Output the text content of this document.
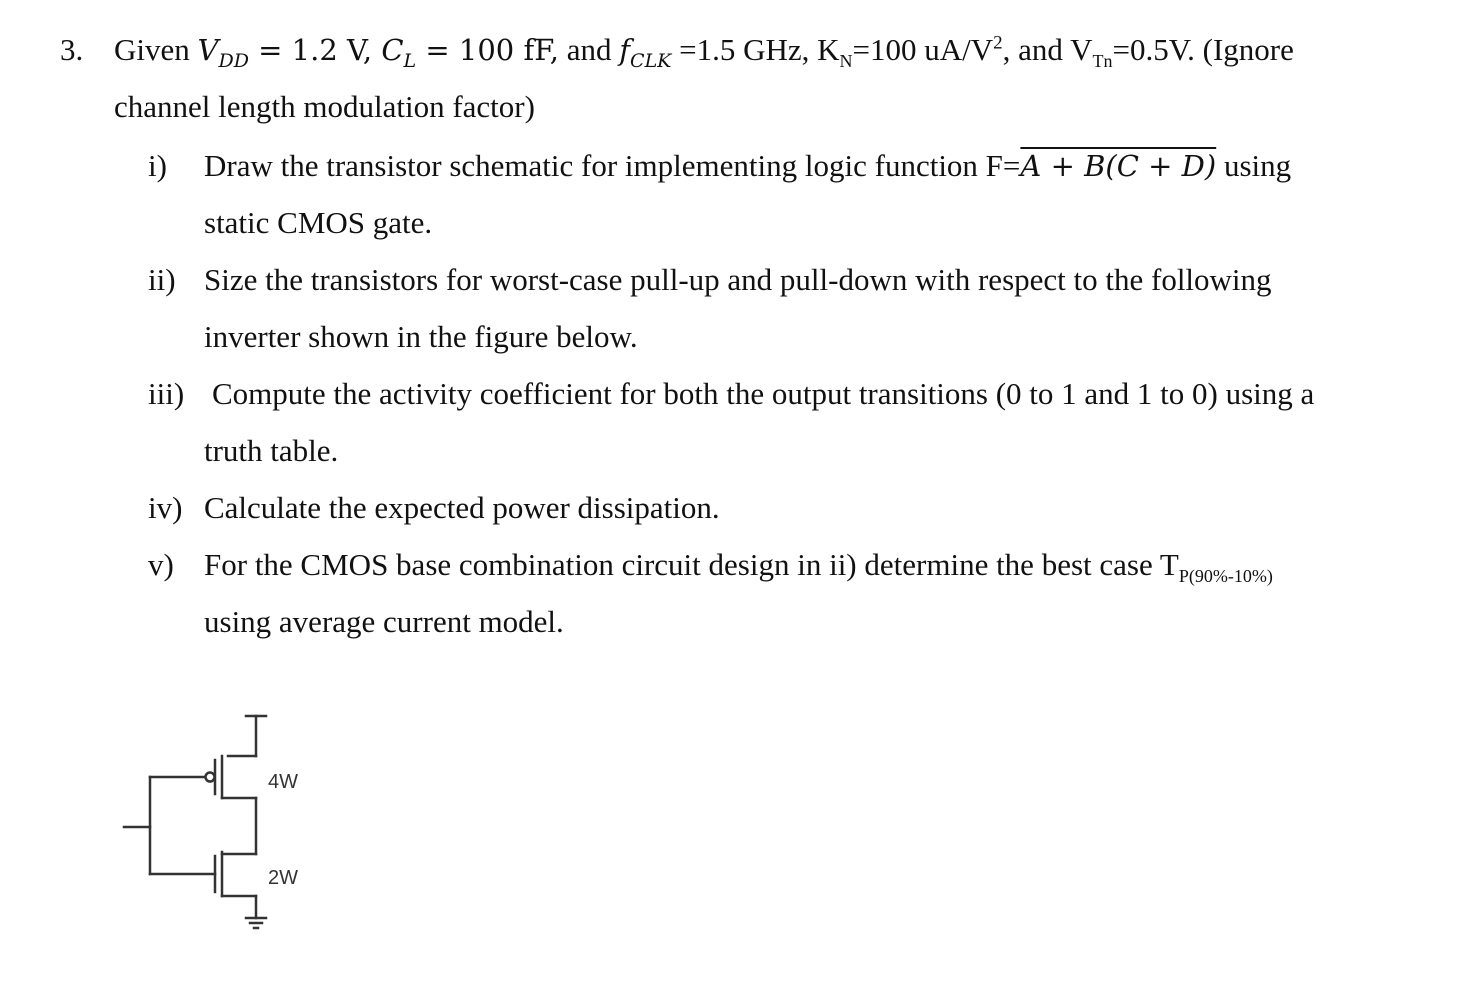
3. Given $V_{DD} = 1.2$ V, $C_L = 100$ fF, and $f_{CLK} =1.5$ GHz, $K_N=100$ $uA/V^2$, and $V_{Tn}=0.5V$. (Ignore
channel length modulation factor)
i) Draw the transistor schematic for implementing logic function F=A + B(C + D) using
static CMOS gate.
ii) Size the transistors for worst-case pull-up and pull-down with respect to the following
inverter shown in the figure below.
iii) Compute the activity coefficient for both the output transitions (0 to 1 and 1 to 0) using a
truth table.
iv) Calculate the expected power dissipation.
v) For the CMOS base combination circuit design in ii) determine the best case $T_{P(90\%-10\%)}$
using average current model.
4W
2W
